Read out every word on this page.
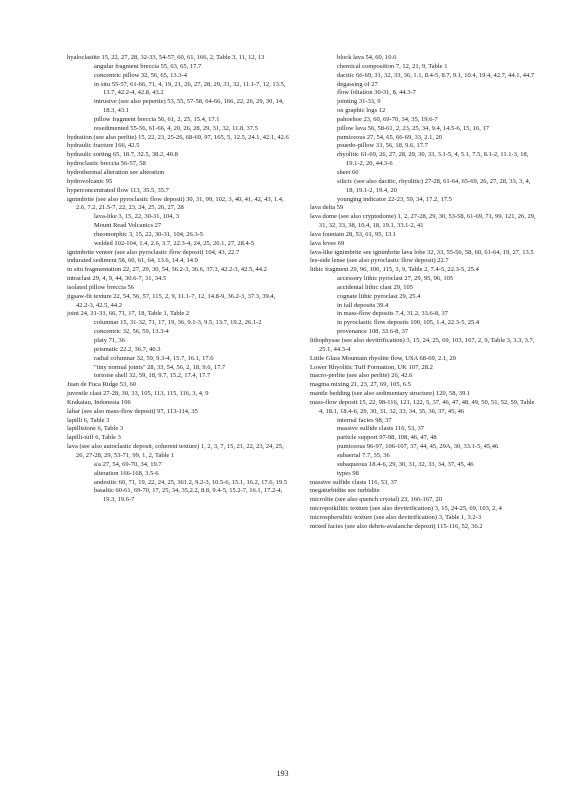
hyaloclastite 15, 22, 27, 28, 32-33, 54-57, 60, 61, 166, 2, Table 3, 11, 12, 13

angular fragment breccia 55, 63, 65, 17.7

concentric pillow 32, 56, 65, 13.3-4

in situ 55-57, 61-66, 71, 4, 19, 21, 26, 27, 28, 29, 31, 32, 11.1-7, 12, 13.5, 13.7, 42.2-4, 42.8, 43.2

intrusive (see also peperite) 53, 55, 57-58, 64-66, 166, 22, 26, 29, 30, 14, 18.3, 43.1

pillow fragment breccia 56, 61, 2, 25, 15.4, 17.1

resedimented 55-56, 61-66, 4, 20, 26, 28, 29, 31, 32, 11.8, 37.5

hydration (see also perlite) 15, 22, 23, 25-26, 68-69, 97, 165, 5, 12.5, 24.1, 42.1, 42.6

hydraulic fracture 166, 42.5

hydraulic sorting 65, 18.7, 32.5, 38.2, 40.8

hydroclastic breccia 56-57, 58

hydrothermal alteration see alteration

hydrovolcanic 95

hyperconcentrated flow 113, 35.5, 35.7

ignimbrite (see also pyroclastic flow deposit) 30, 31, 99, 102, 3, 40, 41, 42, 43, 1.4, 2.6, 7.2, 21.5-7, 22, 23, 24, 25, 26, 27, 28

lava-like 3, 15, 22, 30-31, 104, 3

Mount Read Volcanics 27

rheomorphic 3, 15, 22, 30-31, 104, 26.3-5

welded 102-104, 1.4, 2.6, 3.7, 22.3-4, 24, 25, 26.1, 27, 28.4-5

ignimbrite veneer (see also pyroclastic flow deposit) 104, 43, 22.7

indurated sediment 58, 60, 61, 64, 13.6, 14.4, 14.9

in situ fragmentation 22, 27, 29, 30, 54, 36.2-3, 36.6, 37.3, 42.2-3, 42.5, 44.2

intraclast 29, 4, 9, 44, 30.6-7, 31, 34.5

isolated pillow breccia 56

jigsaw-fit texture 22, 54, 56, 57, 115, 2, 9, 11.1-7, 12, 14.8-9, 36.2-3, 37.3, 39.4, 42.2-3, 42.5, 44.2

joint 24, 31-33, 66, 71, 17, 18, Table 1, Table 2

columnar 15, 31-32, 71, 17, 19, 36, 9.1-3, 9.5, 13.7, 19.2, 26.1-2

concentric 32, 56, 59, 13.3-4

platy 71, 36

prismatic 22.2, 36.7, 40.3

radial columnar 32, 59, 9.3-4, 15.7, 16.1, 17.6

"tiny normal joints" 28, 33, 54, 56, 2, 18, 9.6, 17.7

tortoise shell 32, 59, 18, 9.7, 15.2, 17.4, 17.7

Juan de Fuca Ridge 53, 60

juvenile clast 27-28, 30, 33, 105, 113, 115, 116, 3, 4, 9

Krakatau, Indonesia 106

lahar (see also mass-flow deposit) 97, 113-114, 35

lapilli 6, Table 3

lapillistone 6, Table 3

lapilli-tuff 6, Table 3

lava (see also autoclastic deposit, coherent texture) 1, 2, 3, 7, 15, 21, 22, 23, 24, 25, 26, 27-28, 29, 53-71, 99, 1, 2, Table 1

a'a 27, 54, 69-70, 34, 19.7

alteration 166-168, 3.5-6

andesitic 60, 71, 19, 22, 24, 25, 361.2, 9.2-3, 10.5-6, 15.1, 16.2, 17.6, 19.5

basaltic 60-61, 69-70, 17, 25, 34, 35,2.2, 8.8, 9.4-5, 15.2-7, 16.1, 17.2-4, 19.3, 19.6-7

block lava 54, 60, 10.6

chemical composition 7, 12, 21, 9, Table 1

dacitic 66-69, 31, 32, 33, 36, 1.1, 8.4-5, 8.7, 9.1, 10.4, 19.4, 42.7, 44.1, 44.7

degassing of 27

flow foliation 30-31, 8, 44.3-7

jointing 31-33, 9

on graphic logs 12

pahoehoe 23, 60, 69-70, 34, 35, 19.6-7

pillow lava 56, 58-61, 2, 23, 25, 34, 9.4, 14.5-6, 15, 16, 17

pumiceous 27, 54, 65, 66-69, 33, 2.1, 20

psuedo-pillow 33, 56, 18, 9.6, 17.7

rhyolitic 61-69, 26, 27, 28, 29, 30, 33, 3.1-5, 4, 5.1, 7.5, 8.1-2, 11.1-3, 18, 19.1-2, 20, 44.3-6

sheet 60

silicic (see also dacitic, rhyolitic) 27-28, 61-64, 65-69, 26, 27, 28, 33, 3, 4, 18, 19.1-2, 19.4, 20

younging indicator 22-23, 59, 34, 17.2, 17.5

lava delta 59

lava dome (see also cryptodome) 1, 2, 27-28, 29, 30, 53-58, 61-69, 71, 99, 121, 26, 29, 31, 32, 33, 38, 10.4, 18, 19.1, 33.1-2, 41

lava fountain 28, 53, 61, 95, 13.1

lava levee 69

lava-like ignimbrite see ignimbrite lava lobe 32, 33, 55-56, 58, 60, 61-64, 19, 27, 13.5

lee-side lense (see also pyroclastic flow deposit) 22.7

lithic fragment 29, 96, 100, 115, 3, 9, Table 2, 7.4-5, 22.3-5, 25.4

accessory lithic pyroclast 27, 29, 95, 96, 105

accidental lithic clast 29, 105

cognate lithic pyroclast 29, 25.4

in fall deposits 39.4

in mass-flow deposits 7.4, 31.2, 33.6-8, 37

in pyroclastic flow deposits 100, 105, 1.4, 22.3-5, 25.4

provenance 108, 33.6-8, 37

lithophysae (see also devitrification) 3, 15, 24, 25, 69, 103, 167, 2, 9, Table 3, 3.3, 3.7, 25.1, 44.3-4

Little Glass Mountain rhyolite flow, USA 68-69, 2.1, 20

Lower Rhyolitic Tuff Formation, UK 107, 28.2

macro-perlite (see also perlite) 26, 42.6

magma mixing 21, 23, 27, 69, 105, 6.5

mantle bedding (see also sedimentary structure) 120, 58, 39.1

mass-flow deposit 15, 22, 98-116, 121, 122, 5, 37, 46, 47, 48, 49, 50, 51, 52, 59, Table 4, 18.1, 18.4-6, 29, 30, 31, 32, 33, 34, 35, 36, 37, 45, 46

internal facies 98, 37

massive sulfide clasts 116, 53, 37

particle support 97-98, 108, 46, 47, 48

pumiceous 96-97, 106-107, 37, 44, 45, 29A, 30, 33.1-5, 45,46

subaerial 7.7, 35, 36

subaqueous 18.4-6, 29, 30, 31, 32, 33, 34, 37, 45, 46

types 98

massive sulfide clasts 116, 53, 37

megaturbidite see turbidite

microlite (see also quench crystal) 23, 166-167, 20

micropoikilitic texture (see also devitrification) 3, 15, 24-25, 69, 103, 2, 4

microspherulitic texture (see also devitrification) 3, Table 1, 3.2-3

mixed facies (see also debris-avalanche deposit) 115-116, 52, 36.2

193
